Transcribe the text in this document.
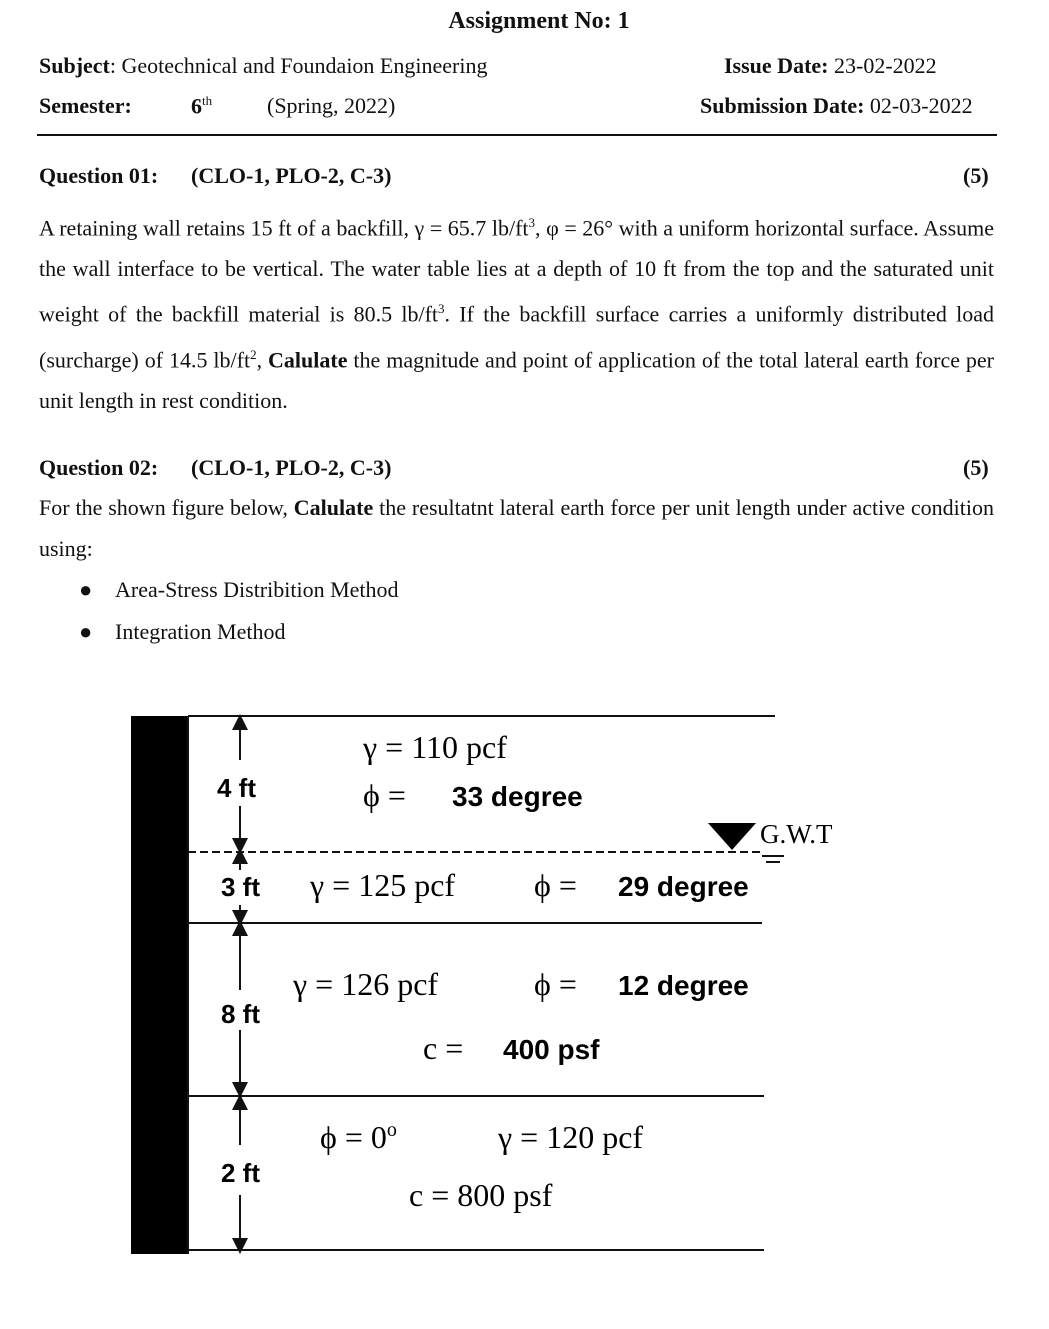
Assignment No: 1
Subject: Geotechnical and Foundaion Engineering	Issue Date: 23-02-2022
Semester:	6th (Spring, 2022)	Submission Date: 02-03-2022
Question 01: (CLO-1, PLO-2, C-3)	(5)
A retaining wall retains 15 ft of a backfill, γ = 65.7 $lb/ft^3$, φ = 26° with a uniform horizontal surface. Assume the wall interface to be vertical. The water table lies at a depth of 10 ft from the top and the saturated unit weight of the backfill material is 80.5 $lb/ft^3$. If the backfill surface carries a uniformly distributed load (surcharge) of 14.5 $lb/ft^2$, Calulate the magnitude and point of application of the total lateral earth force per unit length in rest condition.
Question 02: (CLO-1, PLO-2, C-3)	(5)
For the shown figure below, Calulate the resultatnt lateral earth force per unit length under active condition using:
● Area-Stress Distribition Method
● Integration Method
4 ft
3 ft
8 ft
2 ft
γ = 110 pcf
ϕ = 33 degree
G.W.T
γ = 125 pcf ϕ = 29 degree
γ = 126 pcf	ϕ = 12 degree
c = 400 psf
$\phi = 0^o$	γ = 120 pcf
c = 800 psf
